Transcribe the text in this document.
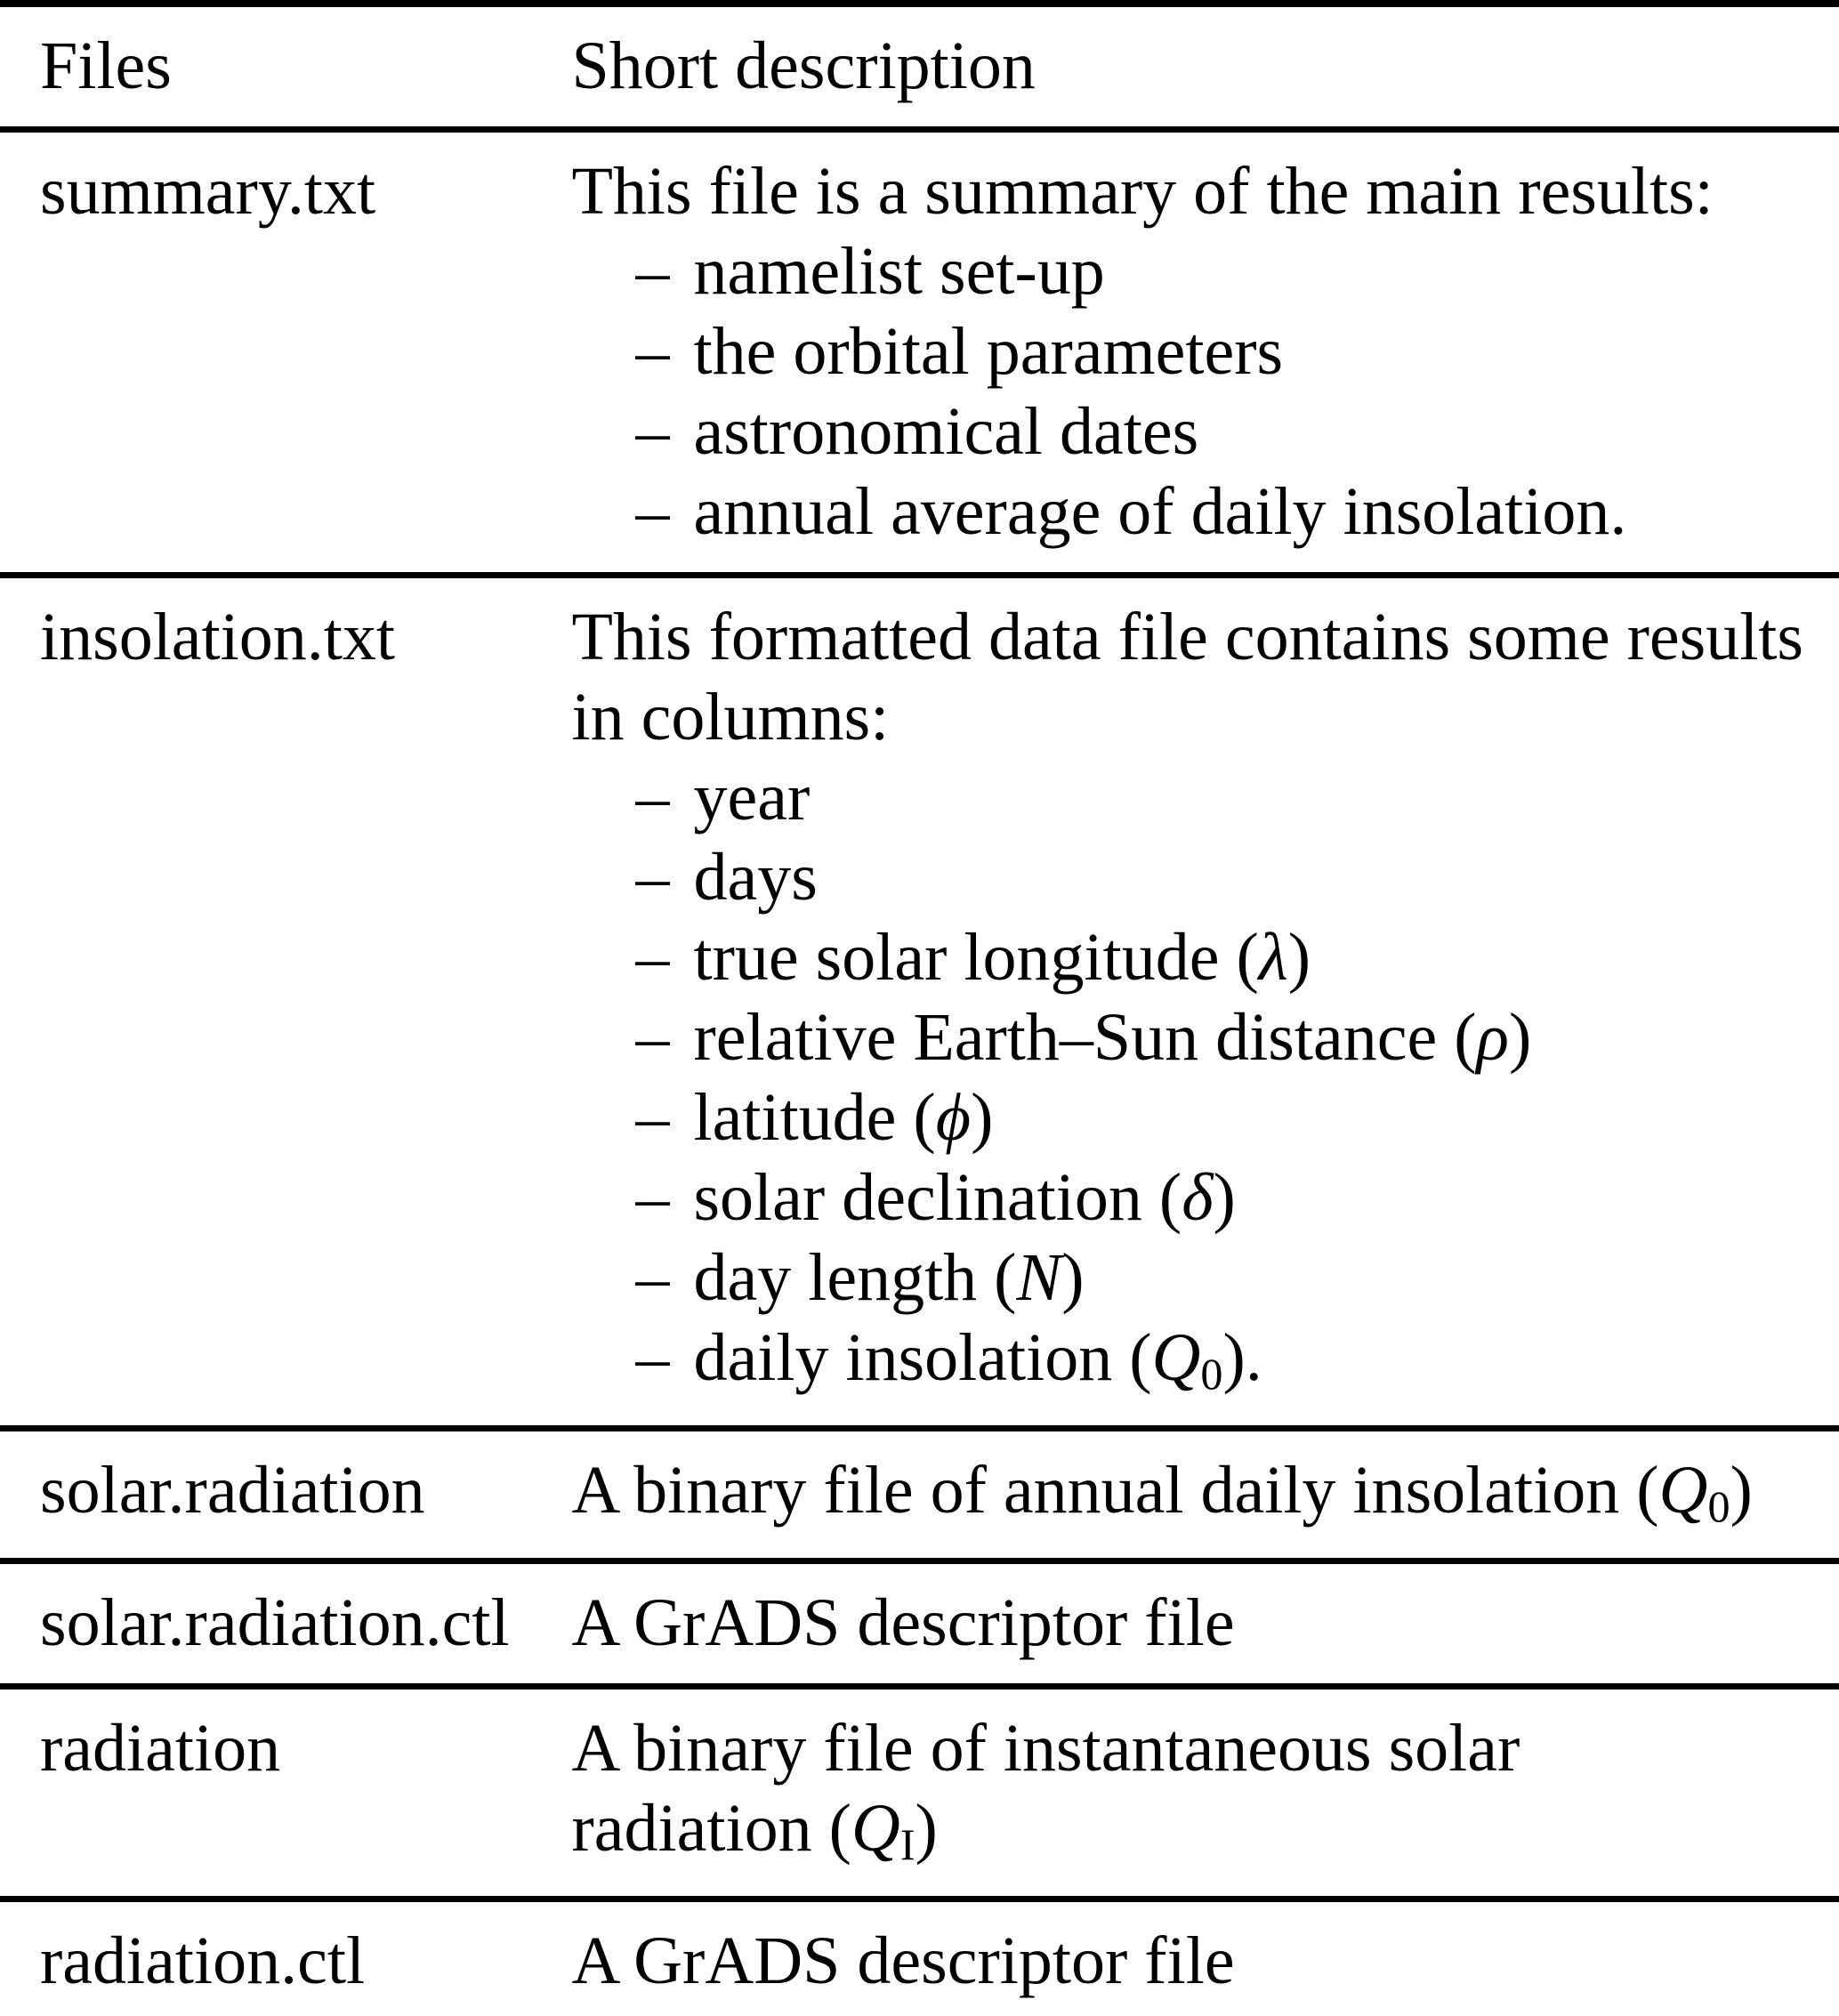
Files	Short description
summary.txt	This file is a summary of the main results:
– namelist set-up
– the orbital parameters
– astronomical dates
– annual average of daily insolation.

insolation.txt	This formatted data file contains some results
in columns:
– year
– days
– true solar longitude (λ)
– relative Earth–Sun distance (ρ)
– latitude (ϕ)
– solar declination (δ)
– day length (N)
– daily insolation (Q0).

solar.radiation	A binary file of annual daily insolation (Q0)

solar.radiation.ctl	A GrADS descriptor file

radiation	A binary file of instantaneous solar
radiation (QI)

radiation.ctl	A GrADS descriptor file
